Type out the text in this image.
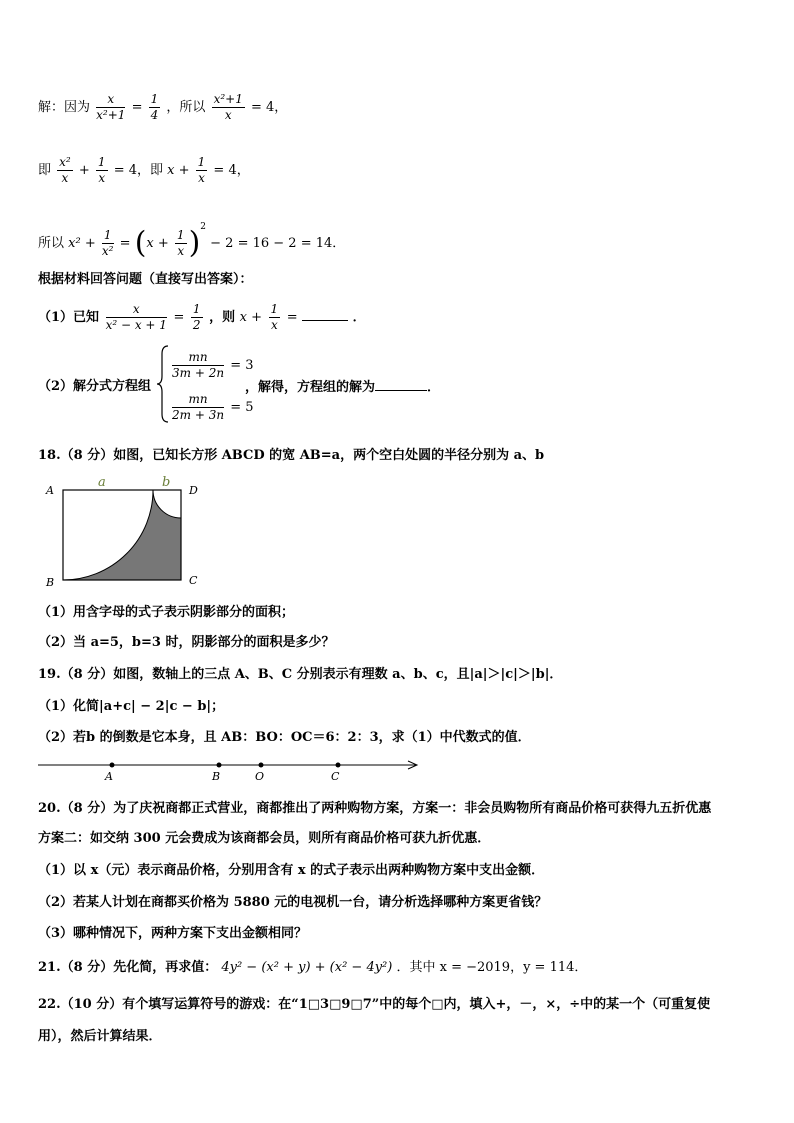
解：因为 $\frac{x}{\text{x²+1}} = \frac{1}{4}$ ，所以 $\frac{\text{x²+1}}{x} = 4$，
即 $\frac{\text{x²}}{x} + \frac{1}{x} = 4$，即 $x + \frac{1}{x} = 4$，
所以 $x^2 + \frac{1}{\text{x²}} = (x + \frac{1}{x} )^2 - 2 = 16 - 2 = 14$．
根据材料回答问题（直接写出答案）：
（1）已知 $\frac{x}{\text{x² − x + 1}} = \frac{1}{2}$ ，则 $x + \frac{1}{x}$ =	．
（2）解分式方程组
$\frac{mn}{3m + 2n} = 3$
$\frac{mn}{2m + 3n} = 5$
，解得，方程组的解为	．
18.（8 分）如图，已知长方形 ABCD 的宽 AB=a，两个空白处圆的半径分别为 a、b
A
B	C
D
a	b
（1）用含字母的式子表示阴影部分的面积；
（2）当 a=5，b=3 时，阴影部分的面积是多少？
19.（8 分）如图，数轴上的三点 A、B、C 分别表示有理数 a、b、c，且|a|＞|c|＞|b|．
（1）化简|a+c| − 2|c − b|；
（2）若b 的倒数是它本身，且 AB：BO：OC＝6：2：3，求（1）中代数式的值．
A	B	O	C
20.（8 分）为了庆祝商都正式营业，商都推出了两种购物方案，方案一：非会员购物所有商品价格可获得九五折优惠
方案二：如交纳 300 元会费成为该商都会员，则所有商品价格可获九折优惠．
（1）以 x（元）表示商品价格，分别用含有 x 的式子表示出两种购物方案中支出金额．
（2）若某人计划在商都买价格为 5880 元的电视机一台，请分析选择哪种方案更省钱？
（3）哪种情况下，两种方案下支出金额相同？
21.（8 分）先化简，再求值： 4y² − (x² + y) + (x² − 4y²) ．其中 x = −2019，y = 114．
22.（10 分）有个填写运算符号的游戏：在“1□3□9□7”中的每个□内，填入+，－，×，÷中的某一个（可重复使
用），然后计算结果．
